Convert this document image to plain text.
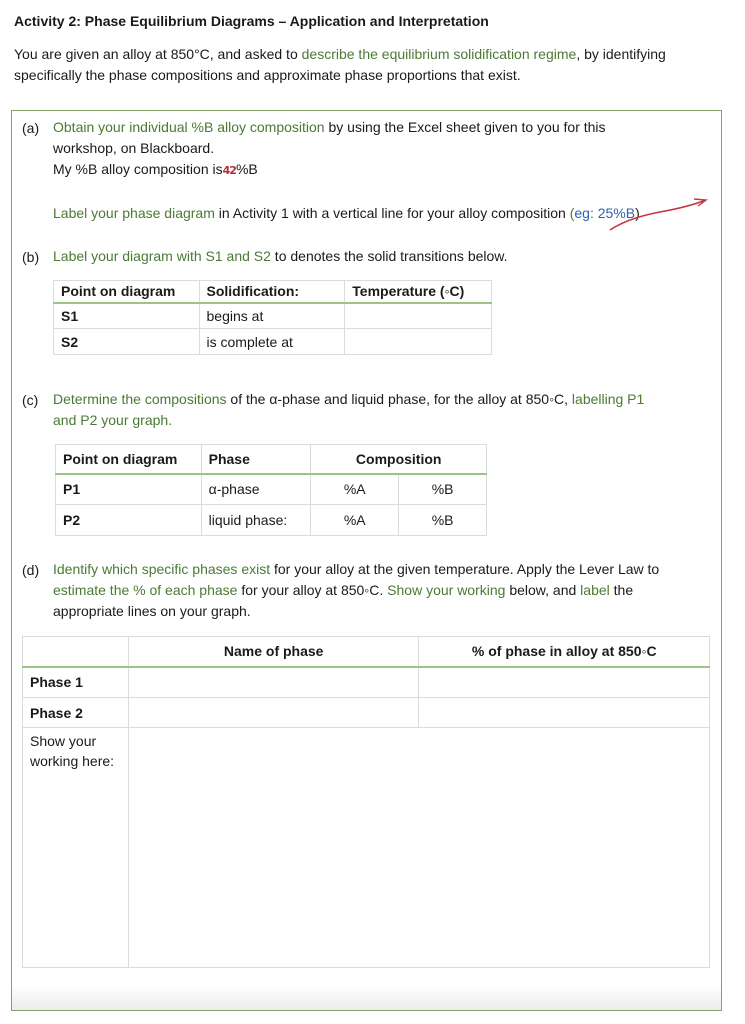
Activity 2: Phase Equilibrium Diagrams – Application and Interpretation

You are given an alloy at 850°C, and asked to describe the equilibrium solidification regime, by identifying specifically the phase compositions and approximate phase proportions that exist.

(a) Obtain your individual %B alloy composition by using the Excel sheet given to you for this
workshop, on Blackboard.
My %B alloy composition is42%B

Label your phase diagram in Activity 1 with a vertical line for your alloy composition (eg: 25%B)

(b) Label your diagram with S1 and S2 to denotes the solid transitions below.

Point on diagram	Solidification:	Temperature (◦C)
S1	begins at	
S2	is complete at	
(c) Determine the compositions of the α-phase and liquid phase, for the alloy at 850◦C, labelling P1
and P2 your graph.

Point on diagram	Phase	Composition	
P1	α-phase	%A	%B
P2	liquid phase:	%A	%B
(d) Identify which specific phases exist for your alloy at the given temperature. Apply the Lever Law to
estimate the % of each phase for your alloy at 850◦C. Show your working below, and label the
appropriate lines on your graph.

	Name of phase	% of phase in alloy at 850◦C
Phase 1		
Phase 2		
Show your working here:		
